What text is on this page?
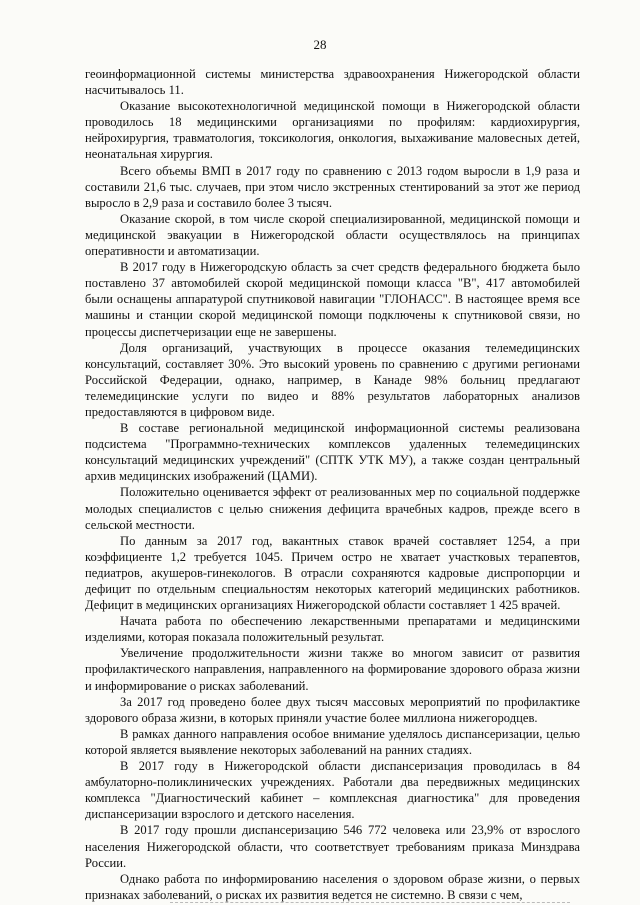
28

геоинформационной системы министерства здравоохранения Нижегородской области насчитывалось 11.

Оказание высокотехнологичной медицинской помощи в Нижегородской области проводилось 18 медицинскими организациями по профилям: кардиохирургия, нейрохирургия, травматология, токсикология, онкология, выхаживание маловесных детей, неонатальная хирургия.

Всего объемы ВМП в 2017 году по сравнению с 2013 годом выросли в 1,9 раза и составили 21,6 тыс. случаев, при этом число экстренных стентирований за этот же период выросло в 2,9 раза и составило более 3 тысяч.

Оказание скорой, в том числе скорой специализированной, медицинской помощи и медицинской эвакуации в Нижегородской области осуществлялось на принципах оперативности и автоматизации.

В 2017 году в Нижегородскую область за счет средств федерального бюджета было поставлено 37 автомобилей скорой медицинской помощи класса "В", 417 автомобилей были оснащены аппаратурой спутниковой навигации "ГЛОНАСС". В настоящее время все машины и станции скорой медицинской помощи подключены к спутниковой связи, но процессы диспетчеризации еще не завершены.

Доля организаций, участвующих в процессе оказания телемедицинских консультаций, составляет 30%. Это высокий уровень по сравнению с другими регионами Российской Федерации, однако, например, в Канаде 98% больниц предлагают телемедицинские услуги по видео и 88% результатов лабораторных анализов предоставляются в цифровом виде.

В составе региональной медицинской информационной системы реализована подсистема "Программно-технических комплексов удаленных телемедицинских консультаций медицинских учреждений" (СПТК УТК МУ), а также создан центральный архив медицинских изображений (ЦАМИ).

Положительно оценивается эффект от реализованных мер по социальной поддержке молодых специалистов с целью снижения дефицита врачебных кадров, прежде всего в сельской местности.

По данным за 2017 год, вакантных ставок врачей составляет 1254, а при коэффициенте 1,2 требуется 1045. Причем остро не хватает участковых терапевтов, педиатров, акушеров-гинекологов. В отрасли сохраняются кадровые диспропорции и дефицит по отдельным специальностям некоторых категорий медицинских работников. Дефицит в медицинских организациях Нижегородской области составляет 1 425 врачей.

Начата работа по обеспечению лекарственными препаратами и медицинскими изделиями, которая показала положительный результат.

Увеличение продолжительности жизни также во многом зависит от развития профилактического направления, направленного на формирование здорового образа жизни и информирование о рисках заболеваний.

За 2017 год проведено более двух тысяч массовых мероприятий по профилактике здорового образа жизни, в которых приняли участие более миллиона нижегородцев.

В рамках данного направления особое внимание уделялось диспансеризации, целью которой является выявление некоторых заболеваний на ранних стадиях.

В 2017 году в Нижегородской области диспансеризация проводилась в 84 амбулаторно-поликлинических учреждениях. Работали два передвижных медицинских комплекса "Диагностический кабинет – комплексная диагностика" для проведения диспансеризации взрослого и детского населения.

В 2017 году прошли диспансеризацию 546 772 человека или 23,9% от взрослого населения Нижегородской области, что соответствует требованиям приказа Минздрава России.

Однако работа по информированию населения о здоровом образе жизни, о первых признаках заболеваний, о рисках их развития ведется не системно. В связи с чем,
